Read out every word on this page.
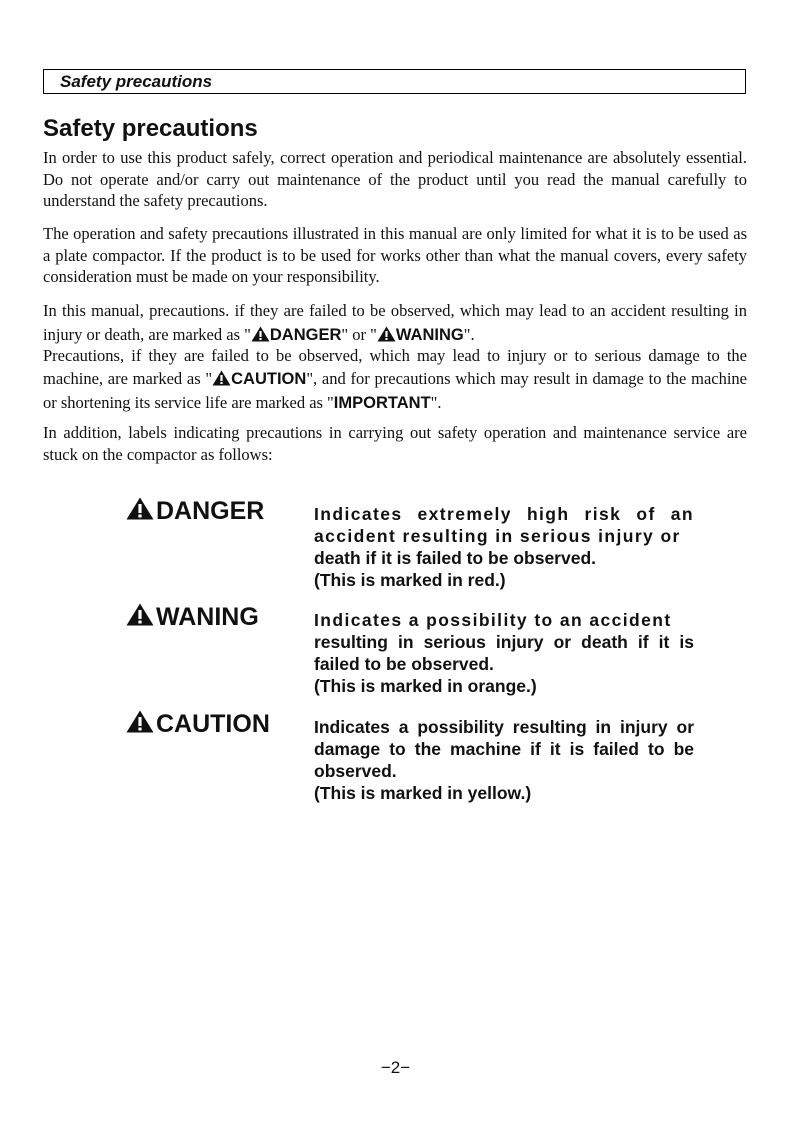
Safety precautions
Safety precautions

In order to use this product safely, correct operation and periodical maintenance are absolutely essential. Do not operate and/or carry out maintenance of the product until you read the manual carefully to understand the safety precautions.

The operation and safety precautions illustrated in this manual are only limited for what it is to be used as a plate compactor. If the product is to be used for works other than what the manual covers, every safety consideration must be made on your responsibility.

In this manual, precautions. if they are failed to be observed, which may lead to an accident resulting in injury or death, are marked as " DANGER" or " WANING".

Precautions, if they are failed to be observed, which may lead to injury or to serious damage to the machine, are marked as " CAUTION", and for precautions which may result in damage to the machine or shortening its service life are marked as "IMPORTANT".

In addition, labels indicating precautions in carrying out safety operation and maintenance service are stuck on the compactor as follows:

DANGER	Indicates extremely high risk of an accident resulting in serious injury or
death if it is failed to be observed.
(This is marked in red.)
WANING	Indicates a possibility to an accident
resulting in serious injury or death if it is failed to be observed.
(This is marked in orange.)
CAUTION	Indicates a possibility resulting in injury or damage to the machine if it is failed to be observed.
(This is marked in yellow.)
−2−
